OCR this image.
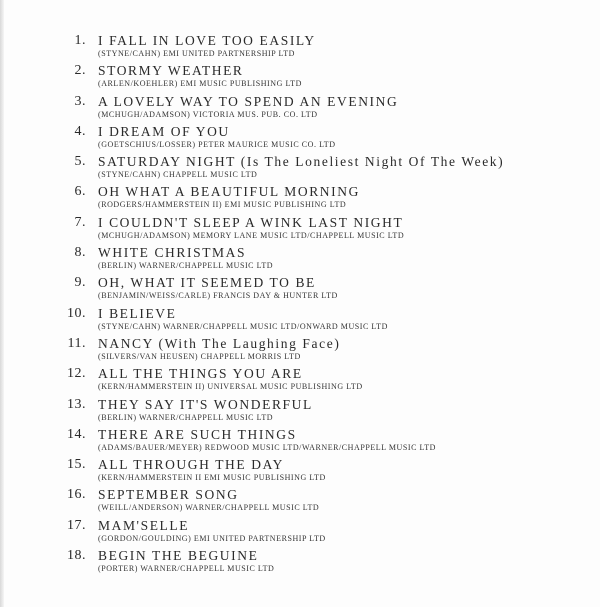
1. I FALL IN LOVE TOO EASILY
(STYNE/CAHN) EMI UNITED PARTNERSHIP LTD
2. STORMY WEATHER
(ARLEN/KOEHLER) EMI MUSIC PUBLISHING LTD
3. A LOVELY WAY TO SPEND AN EVENING
(MCHUGH/ADAMSON) VICTORIA MUS. PUB. CO. LTD
4. I DREAM OF YOU
(GOETSCHIUS/LOSSER) PETER MAURICE MUSIC CO. LTD
5. SATURDAY NIGHT (Is The Loneliest Night Of The Week)
(STYNE/CAHN) CHAPPELL MUSIC LTD
6. OH WHAT A BEAUTIFUL MORNING
(RODGERS/HAMMERSTEIN II) EMI MUSIC PUBLISHING LTD
7. I COULDN'T SLEEP A WINK LAST NIGHT
(MCHUGH/ADAMSON) MEMORY LANE MUSIC LTD/CHAPPELL MUSIC LTD
8. WHITE CHRISTMAS
(BERLIN) WARNER/CHAPPELL MUSIC LTD
9. OH, WHAT IT SEEMED TO BE
(BENJAMIN/WEISS/CARLE) FRANCIS DAY & HUNTER LTD
10. I BELIEVE
(STYNE/CAHN) WARNER/CHAPPELL MUSIC LTD/ONWARD MUSIC LTD
11. NANCY (With The Laughing Face)
(SILVERS/VAN HEUSEN) CHAPPELL MORRIS LTD
12. ALL THE THINGS YOU ARE
(KERN/HAMMERSTEIN II) UNIVERSAL MUSIC PUBLISHING LTD
13. THEY SAY IT'S WONDERFUL
(BERLIN) WARNER/CHAPPELL MUSIC LTD
14. THERE ARE SUCH THINGS
(ADAMS/BAUER/MEYER) REDWOOD MUSIC LTD/WARNER/CHAPPELL MUSIC LTD
15. ALL THROUGH THE DAY
(KERN/HAMMERSTEIN II EMI MUSIC PUBLISHING LTD
16. SEPTEMBER SONG
(WEILL/ANDERSON) WARNER/CHAPPELL MUSIC LTD
17. MAM'SELLE
(GORDON/GOULDING) EMI UNITED PARTNERSHIP LTD
18. BEGIN THE BEGUINE
(PORTER) WARNER/CHAPPELL MUSIC LTD
